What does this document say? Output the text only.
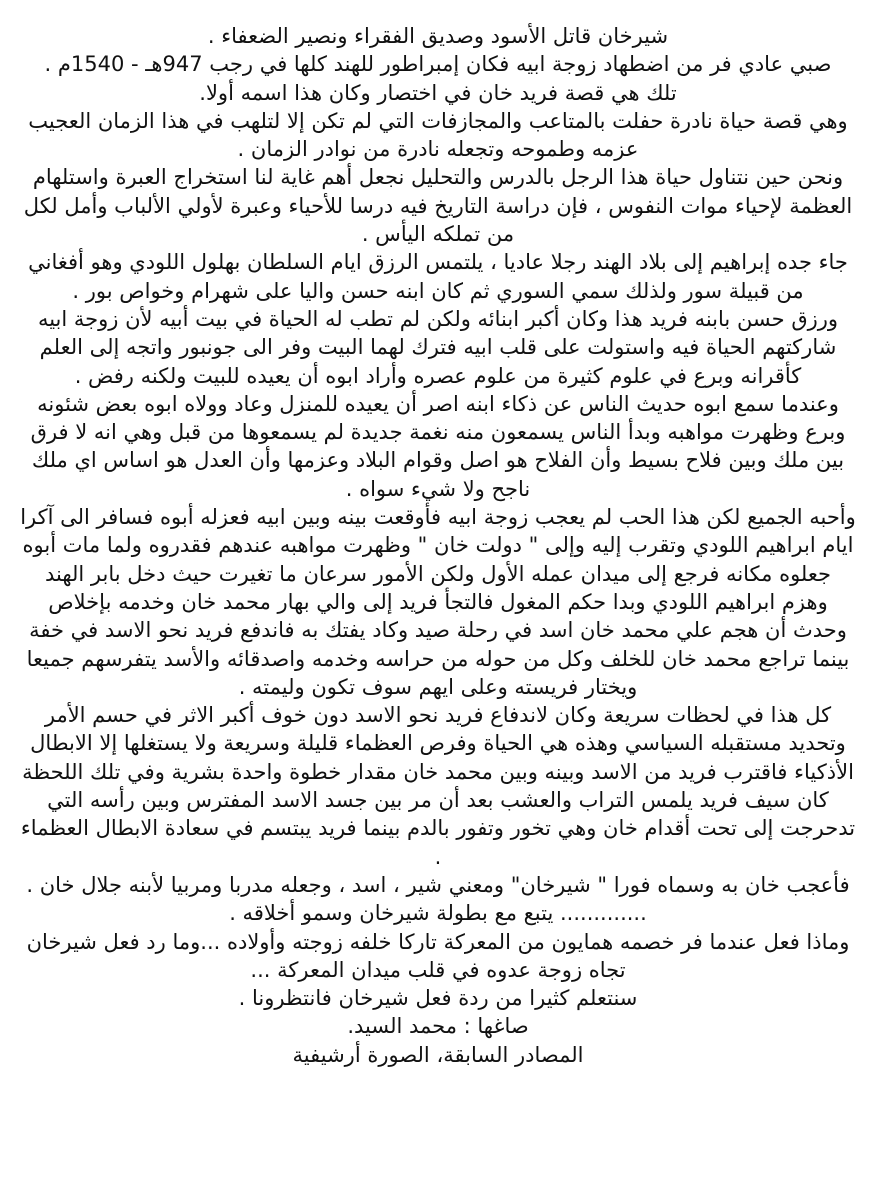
شيرخان قاتل الأسود وصديق الفقراء ونصير الضعفاء .

صبي عادي فر من اضطهاد زوجة ابيه فكان إمبراطور للهند كلها في رجب 947هـ - 1540م .

تلك هي قصة فريد خان في اختصار وكان هذا اسمه أولا.

وهي قصة حياة نادرة حفلت بالمتاعب والمجازفات التي لم تكن إلا لتلهب في هذا الزمان العجيب عزمه وطموحه وتجعله نادرة من نوادر الزمان .

ونحن حين نتناول حياة هذا الرجل بالدرس والتحليل نجعل أهم غاية لنا استخراج العبرة واستلهام العظمة لإحياء موات النفوس ، فإن دراسة التاريخ فيه درسا للأحياء وعبرة لأولي الألباب وأمل لكل من تملكه اليأس .

جاء جده إبراهيم إلى بلاد الهند رجلا عاديا ، يلتمس الرزق ايام السلطان بهلول اللودي وهو أفغاني من قبيلة سور ولذلك سمي السوري ثم كان ابنه حسن واليا على شهرام وخواص بور .

ورزق حسن بابنه فريد هذا وكان أكبر ابنائه ولكن لم تطب له الحياة في بيت أبيه لأن زوجة ابيه شاركتهم الحياة فيه واستولت على قلب ابيه فترك لهما البيت وفر الى جونبور واتجه إلى العلم كأقرانه وبرع في علوم كثيرة من علوم عصره وأراد ابوه أن يعيده للبيت ولكنه رفض .

وعندما سمع ابوه حديث الناس عن ذكاء ابنه اصر أن يعيده للمنزل وعاد وولاه ابوه بعض شئونه وبرع وظهرت مواهبه وبدأ الناس يسمعون منه نغمة جديدة لم يسمعوها من قبل وهي انه لا فرق بين ملك وبين فلاح بسيط وأن الفلاح هو اصل وقوام البلاد وعزمها وأن العدل هو اساس اي ملك ناجح ولا شيء سواه .

وأحبه الجميع لكن هذا الحب لم يعجب زوجة ابيه فأوقعت بينه وبين ابيه فعزله أبوه فسافر الى آكرا ايام ابراهيم اللودي وتقرب إليه وإلى " دولت خان " وظهرت مواهبه عندهم فقدروه ولما مات أبوه جعلوه مكانه فرجع إلى ميدان عمله الأول ولكن الأمور سرعان ما تغيرت حيث دخل بابر الهند وهزم ابراهيم اللودي وبدا حكم المغول فالتجأ فريد إلى والي بهار محمد خان وخدمه بإخلاص

وحدث أن هجم علي محمد خان اسد في رحلة صيد وكاد يفتك به فاندفع فريد نحو الاسد في خفة بينما تراجع محمد خان للخلف وكل من حوله من حراسه وخدمه واصدقائه والأسد يتفرسهم جميعا ويختار فريسته وعلى ايهم سوف تكون وليمته .

كل هذا في لحظات سريعة وكان لاندفاع فريد نحو الاسد دون خوف أكبر الاثر في حسم الأمر وتحديد مستقبله السياسي وهذه هي الحياة وفرص العظماء قليلة وسريعة ولا يستغلها إلا الابطال الأذكياء فاقترب فريد من الاسد وبينه وبين محمد خان مقدار خطوة واحدة بشرية وفي تلك اللحظة كان سيف فريد يلمس التراب والعشب بعد أن مر بين جسد الاسد المفترس وبين رأسه التي تدحرجت إلى تحت أقدام خان وهي تخور وتفور بالدم بينما فريد يبتسم في سعادة الابطال العظماء .

فأعجب خان به وسماه فورا " شيرخان" ومعني شير ، اسد ، وجعله مدربا ومربيا لأبنه جلال خان .

............. يتبع مع بطولة شيرخان وسمو أخلاقه .

وماذا فعل عندما فر خصمه همايون من المعركة تاركا خلفه زوجته وأولاده ...وما رد فعل شيرخان تجاه زوجة عدوه في قلب ميدان المعركة ...

سنتعلم كثيرا من ردة فعل شيرخان فانتظرونا .

صاغها : محمد السيد.

المصادر السابقة، الصورة أرشيفية
